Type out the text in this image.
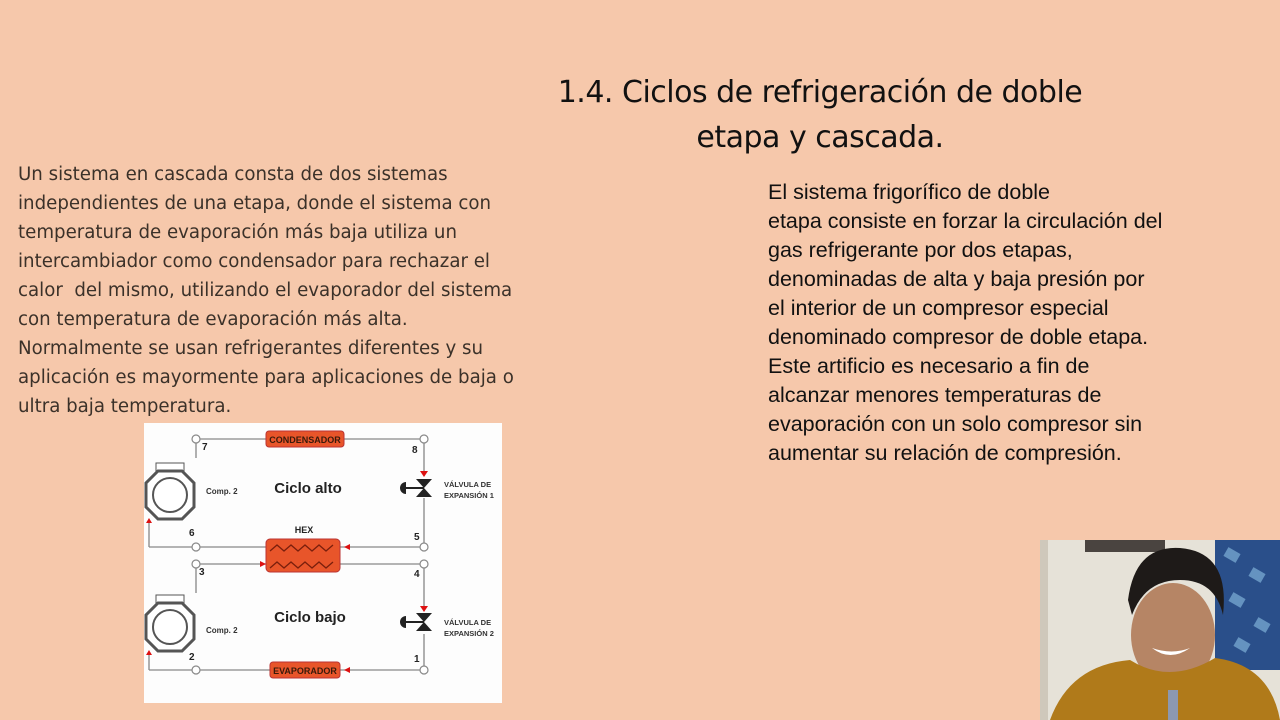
1.4. Ciclos de refrigeración de doble
etapa y cascada.
Un sistema en cascada consta de dos sistemas
independientes de una etapa, donde el sistema con
temperatura de evaporación más baja utiliza un
intercambiador como condensador para rechazar el
calor  del mismo, utilizando el evaporador del sistema
con temperatura de evaporación más alta.
Normalmente se usan refrigerantes diferentes y su
aplicación es mayormente para aplicaciones de baja o
ultra baja temperatura.
El sistema frigorífico de doble
etapa consiste en forzar la circulación del
gas refrigerante por dos etapas,
denominadas de alta y baja presión por
el interior de un compresor especial
denominado compresor de doble etapa.
Este artificio es necesario a fin de
alcanzar menores temperaturas de
evaporación con un solo compresor sin
aumentar su relación de compresión.
CONDENSADOR
HEX
EVAPORADOR
Comp. 2
Comp. 2
VÁLVULA DE
EXPANSIÓN 1
VÁLVULA DE
EXPANSIÓN 2
Ciclo alto
Ciclo bajo
1
2
3	4
5
6
7	8
